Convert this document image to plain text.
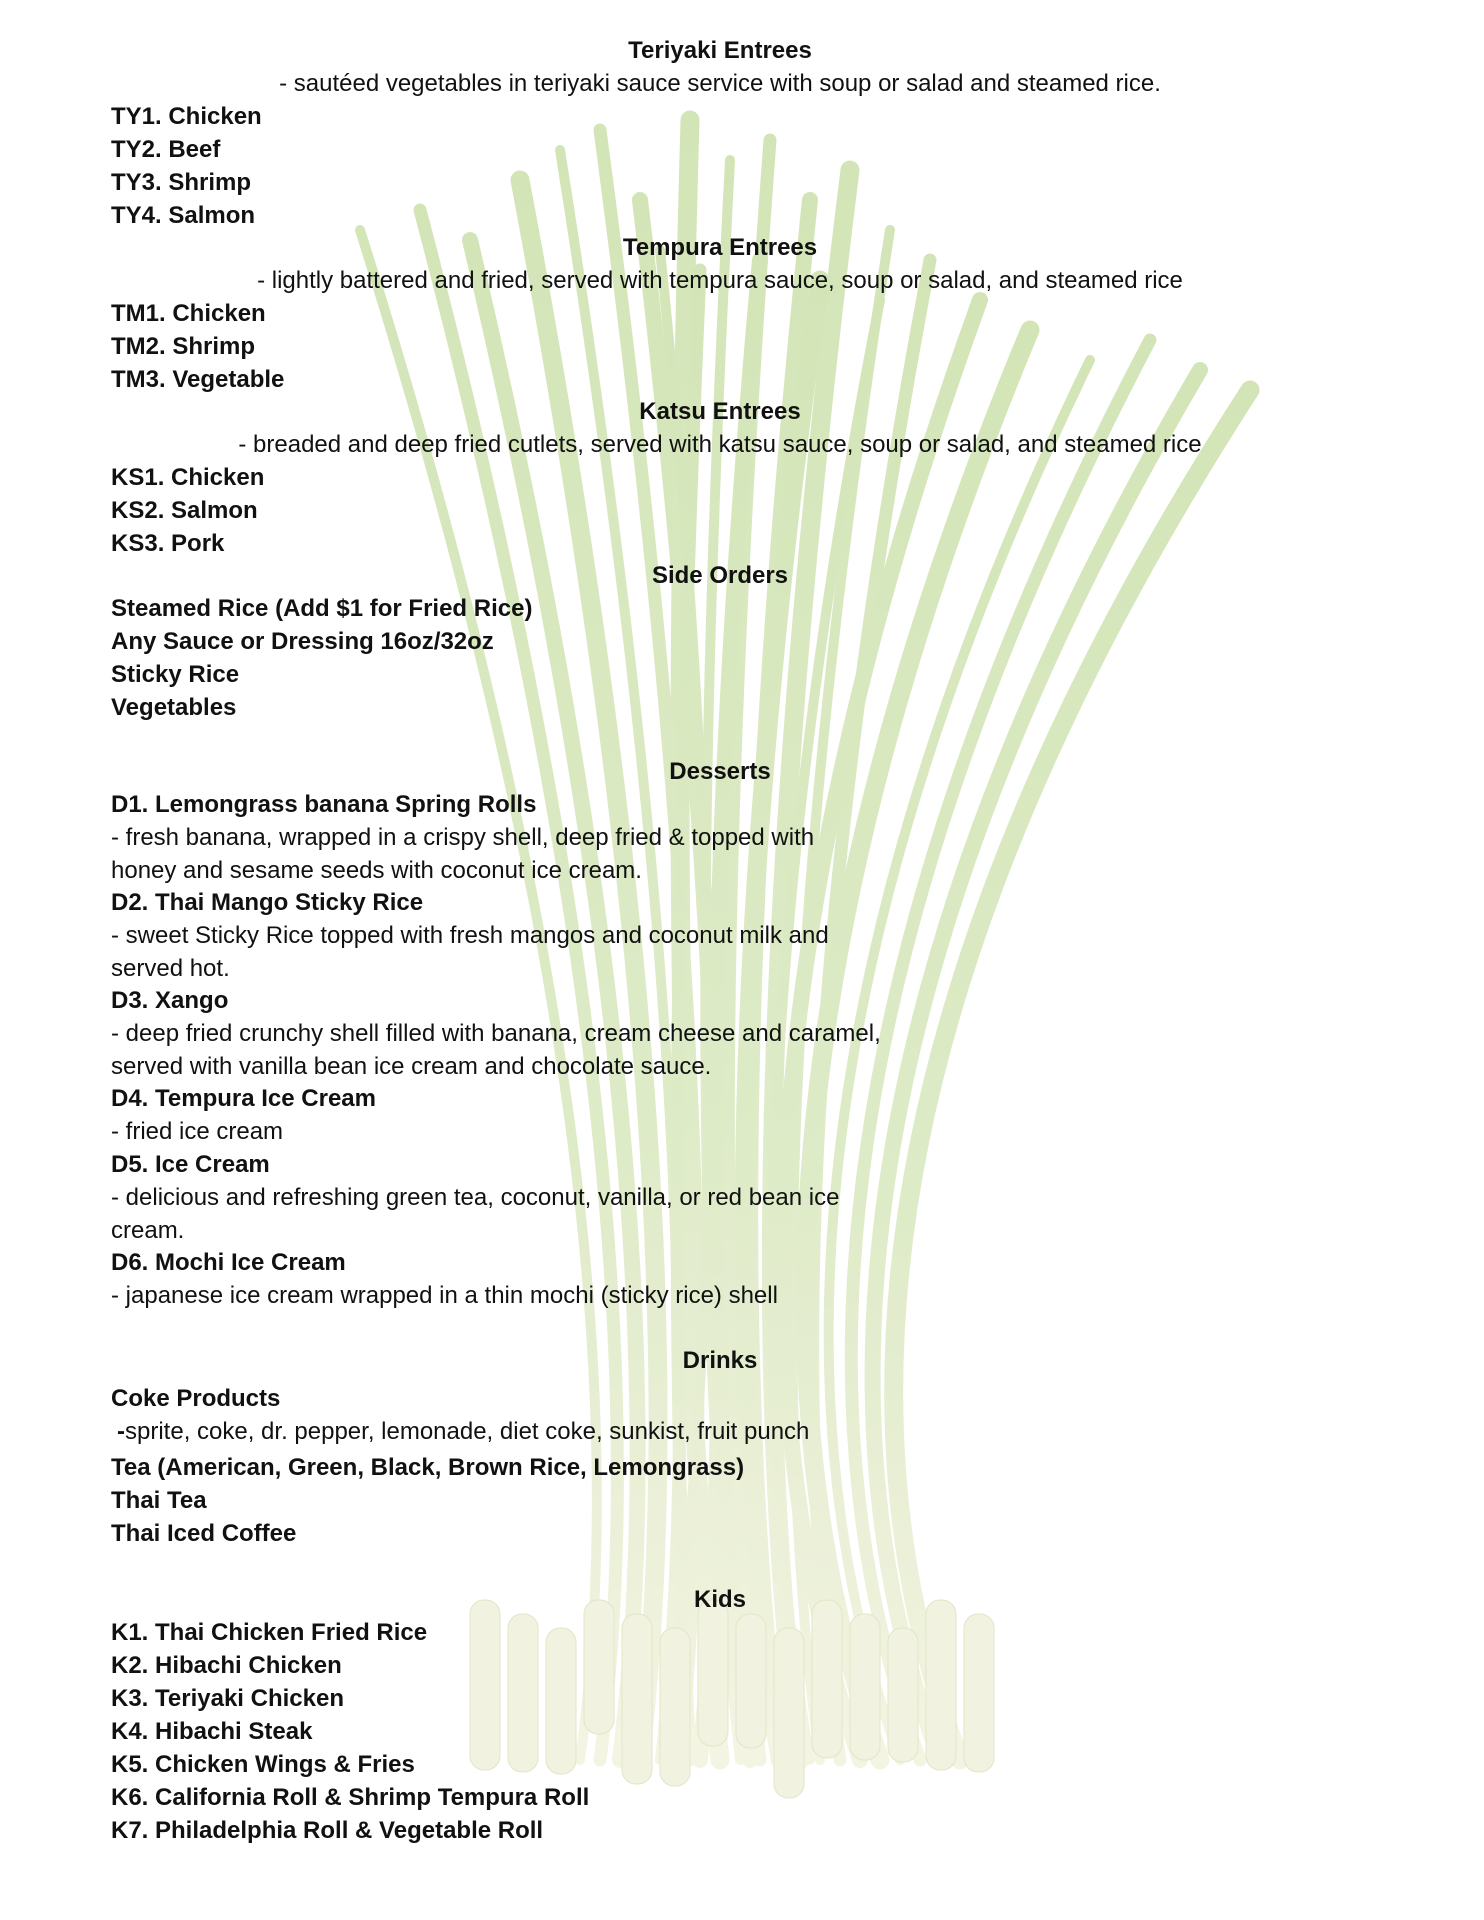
Teriyaki Entrees
- sautéed vegetables in teriyaki sauce service with soup or salad and steamed rice.
TY1. Chicken
TY2. Beef
TY3. Shrimp
TY4. Salmon
Tempura Entrees
- lightly battered and fried, served with tempura sauce, soup or salad, and steamed rice
TM1. Chicken
TM2. Shrimp
TM3. Vegetable
Katsu Entrees
- breaded and deep fried cutlets, served with katsu sauce, soup or salad, and steamed rice
KS1. Chicken
KS2. Salmon
KS3. Pork
Side Orders
Steamed Rice (Add $1 for Fried Rice)
Any Sauce or Dressing 16oz/32oz
Sticky Rice
Vegetables
Desserts
D1. Lemongrass banana Spring Rolls
- fresh banana, wrapped in a crispy shell, deep fried & topped with
honey and sesame seeds with coconut ice cream.
D2. Thai Mango Sticky Rice
- sweet Sticky Rice topped with fresh mangos and coconut milk and
served hot.
D3. Xango
- deep fried crunchy shell filled with banana, cream cheese and caramel,
served with vanilla bean ice cream and chocolate sauce.
D4. Tempura Ice Cream
- fried ice cream
D5. Ice Cream
- delicious and refreshing green tea, coconut, vanilla, or red bean ice
cream.
D6. Mochi Ice Cream
- japanese ice cream wrapped in a thin mochi (sticky rice) shell
Drinks
Coke Products
-sprite, coke, dr. pepper, lemonade, diet coke, sunkist, fruit punch
Tea (American, Green, Black, Brown Rice, Lemongrass)
Thai Tea
Thai Iced Coffee
Kids
K1. Thai Chicken Fried Rice
K2. Hibachi Chicken
K3. Teriyaki Chicken
K4. Hibachi Steak
K5. Chicken Wings & Fries
K6. California Roll & Shrimp Tempura Roll
K7. Philadelphia Roll & Vegetable Roll
